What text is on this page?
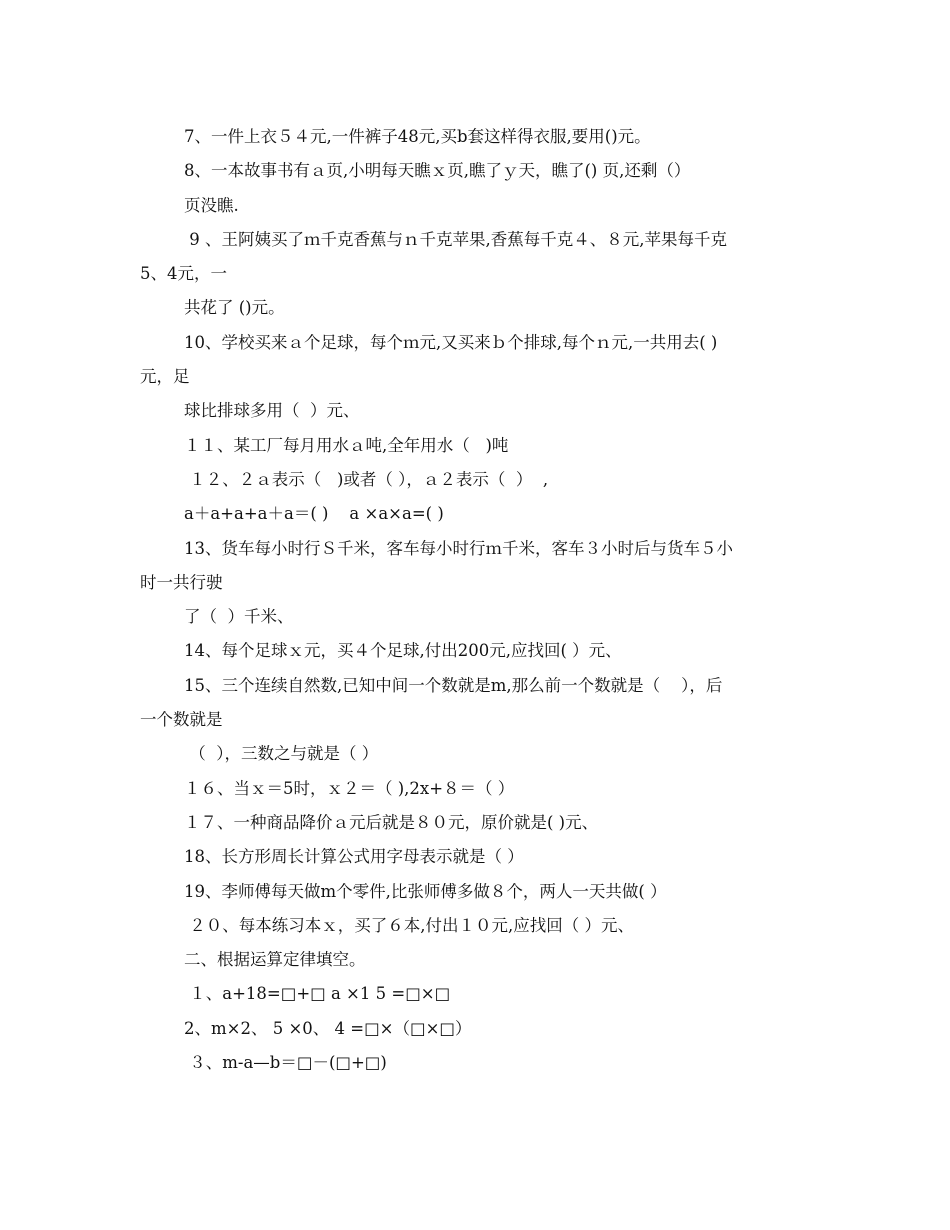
7、一件上衣５４元,一件裤子48元,买b套这样得衣服,要用()元。
8、一本故事书有ａ页,小明每天瞧ｘ页,瞧了ｙ天，瞧了() 页,还剩（）
页没瞧.
9 、王阿姨买了ｍ千克香蕉与ｎ千克苹果,香蕉每千克４、８元,苹果每千克
5、4元，一
共花了 ()元。
10、学校买来ａ个足球，每个ｍ元,又买来ｂ个排球,每个ｎ元,一共用去( )
元，足
球比排球多用（  ）元、
１１、某工厂每月用水ａ吨,全年用水（   )吨
１２、２ａ表示（   )或者（ ），ａ２表示（  ）  ,
a＋a+a+a＋a＝( )    a ×a×a=( )
13、货车每小时行Ｓ千米，客车每小时行ｍ千米，客车３小时后与货车５小
时一共行驶
了（  ）千米、
14、每个足球ｘ元，买４个足球,付出200元,应找回( ）元、
15、三个连续自然数,已知中间一个数就是m,那么前一个数就是（    ），后
一个数就是
（  ），三数之与就是（ ）
１６、当ｘ＝5时，ｘ２＝（ ),2x+８＝（ ）
１７、一种商品降价ａ元后就是８０元，原价就是( )元、
18、长方形周长计算公式用字母表示就是（ ）
19、李师傅每天做m个零件,比张师傅多做８个，两人一天共做( ）
２０、每本练习本ｘ，买了６本,付出１０元,应找回（ ）元、
二、根据运算定律填空。
１、a+18=□+□ a ×1 5 =□×□
2、m×2、 5 ×0、 4 =□×（□×□）
３、m-a—b＝□－(□+□)
